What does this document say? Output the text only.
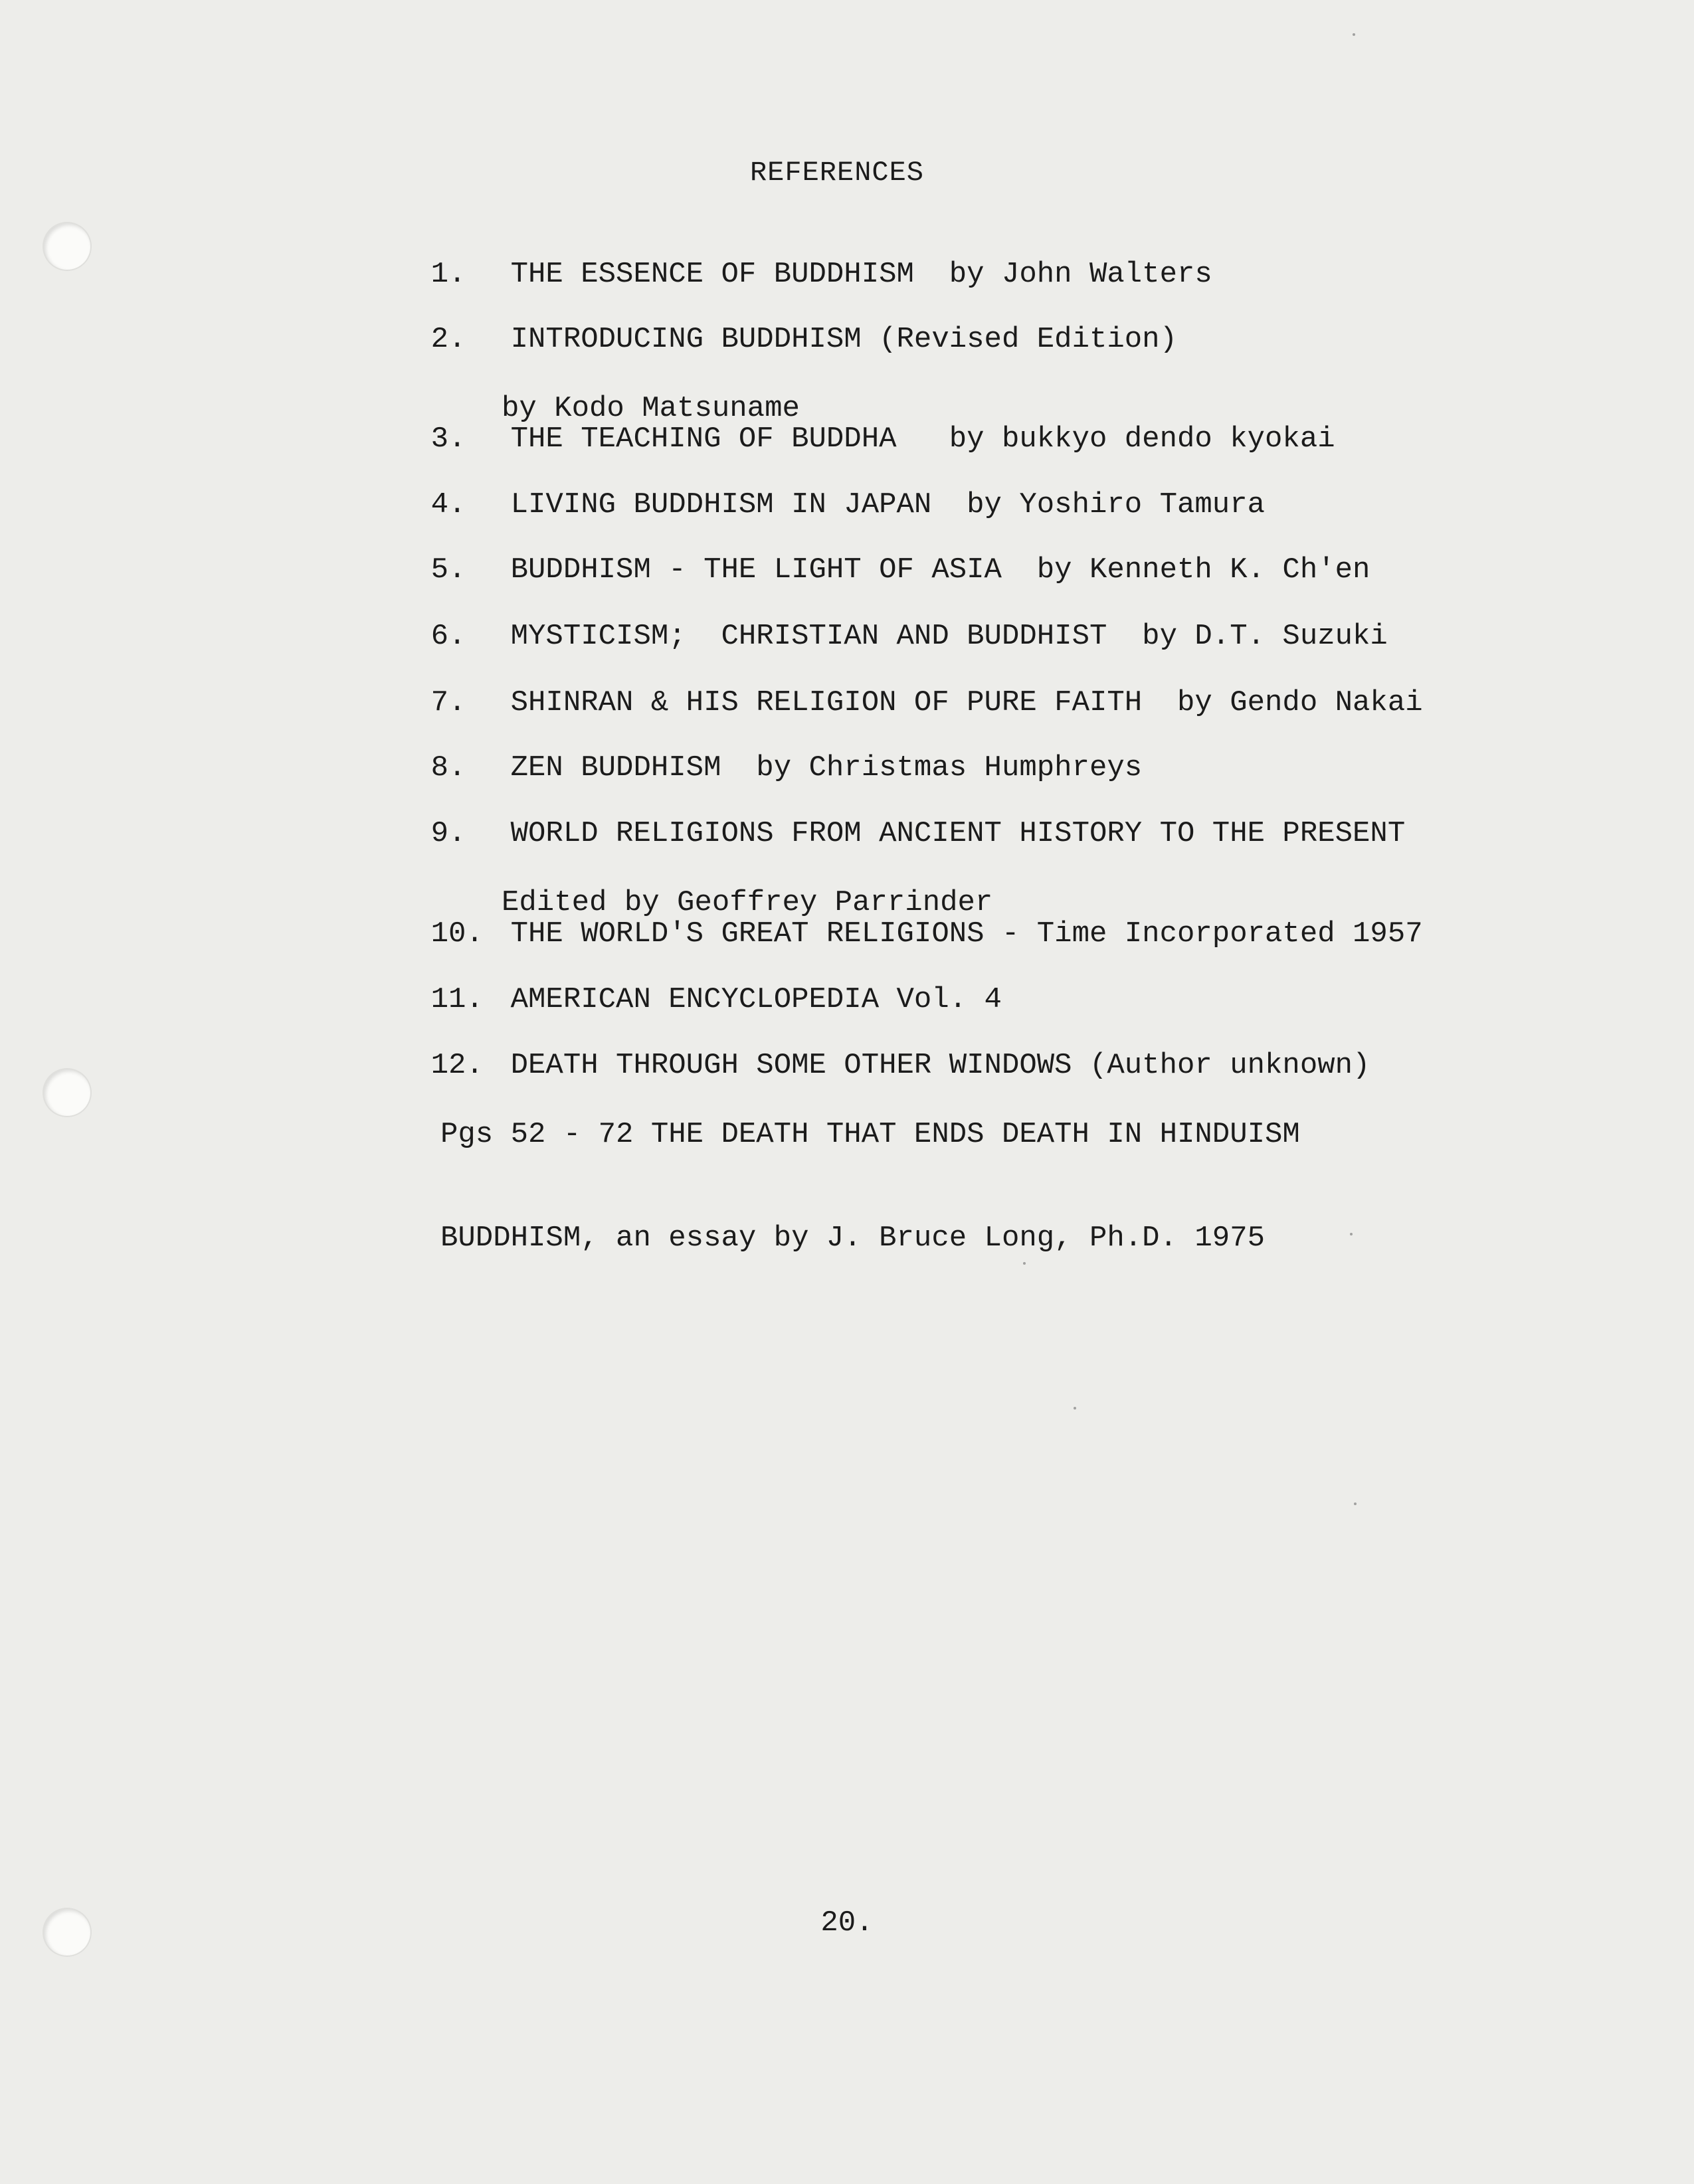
REFERENCES

1. THE ESSENCE OF BUDDHISM  by John Walters

2. INTRODUCING BUDDHISM (Revised Edition)

by Kodo Matsuname

3. THE TEACHING OF BUDDHA   by bukkyo dendo kyokai

4. LIVING BUDDHISM IN JAPAN  by Yoshiro Tamura

5. BUDDHISM - THE LIGHT OF ASIA  by Kenneth K. Ch'en

6. MYSTICISM;  CHRISTIAN AND BUDDHIST  by D.T. Suzuki

7. SHINRAN & HIS RELIGION OF PURE FAITH  by Gendo Nakai

8. ZEN BUDDHISM  by Christmas Humphreys

9. WORLD RELIGIONS FROM ANCIENT HISTORY TO THE PRESENT

Edited by Geoffrey Parrinder

10. THE WORLD'S GREAT RELIGIONS - Time Incorporated 1957

11. AMERICAN ENCYCLOPEDIA Vol. 4

12. DEATH THROUGH SOME OTHER WINDOWS (Author unknown)

Pgs 52 - 72 THE DEATH THAT ENDS DEATH IN HINDUISM

BUDDHISM, an essay by J. Bruce Long, Ph.D. 1975

20.
